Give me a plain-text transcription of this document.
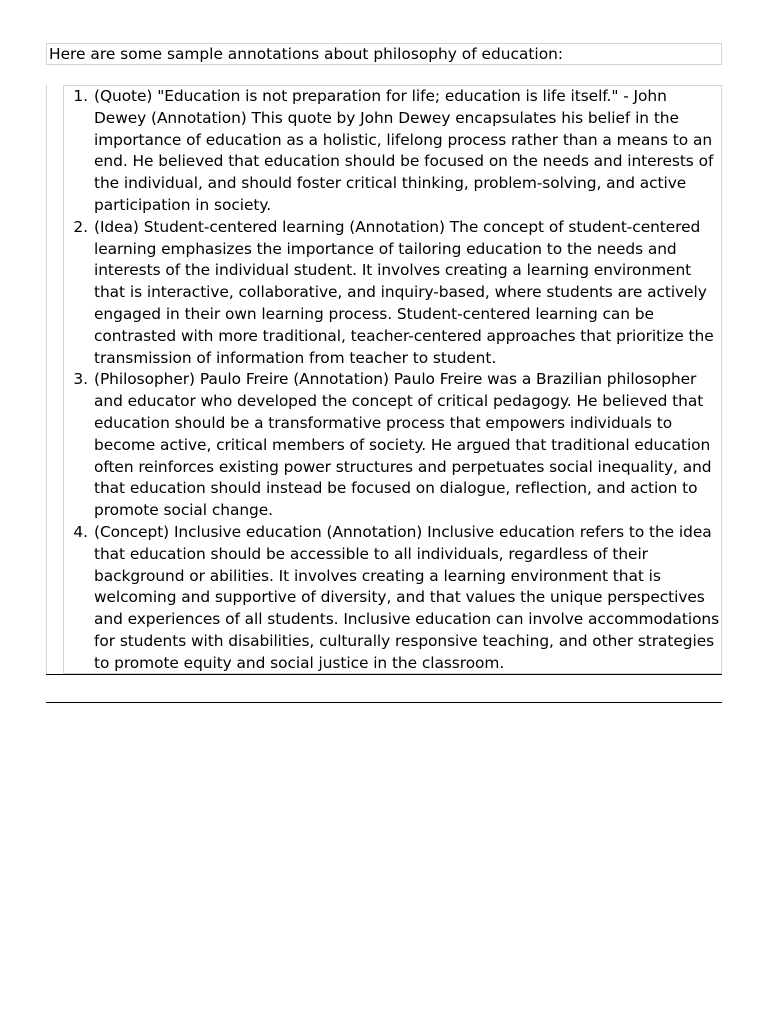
Here are some sample annotations about philosophy of education:
1. (Quote) "Education is not preparation for life; education is life itself." - John Dewey (Annotation) This quote by John Dewey encapsulates his belief in the importance of education as a holistic, lifelong process rather than a means to an end. He believed that education should be focused on the needs and interests of the individual, and should foster critical thinking, problem-solving, and active participation in society.
2. (Idea) Student-centered learning (Annotation) The concept of student-centered learning emphasizes the importance of tailoring education to the needs and interests of the individual student. It involves creating a learning environment that is interactive, collaborative, and inquiry-based, where students are actively engaged in their own learning process. Student-centered learning can be contrasted with more traditional, teacher-centered approaches that prioritize the transmission of information from teacher to student.
3. (Philosopher) Paulo Freire (Annotation) Paulo Freire was a Brazilian philosopher and educator who developed the concept of critical pedagogy. He believed that education should be a transformative process that empowers individuals to become active, critical members of society. He argued that traditional education often reinforces existing power structures and perpetuates social inequality, and that education should instead be focused on dialogue, reflection, and action to promote social change.
4. (Concept) Inclusive education (Annotation) Inclusive education refers to the idea that education should be accessible to all individuals, regardless of their background or abilities. It involves creating a learning environment that is welcoming and supportive of diversity, and that values the unique perspectives and experiences of all students. Inclusive education can involve accommodations for students with disabilities, culturally responsive teaching, and other strategies to promote equity and social justice in the classroom.
